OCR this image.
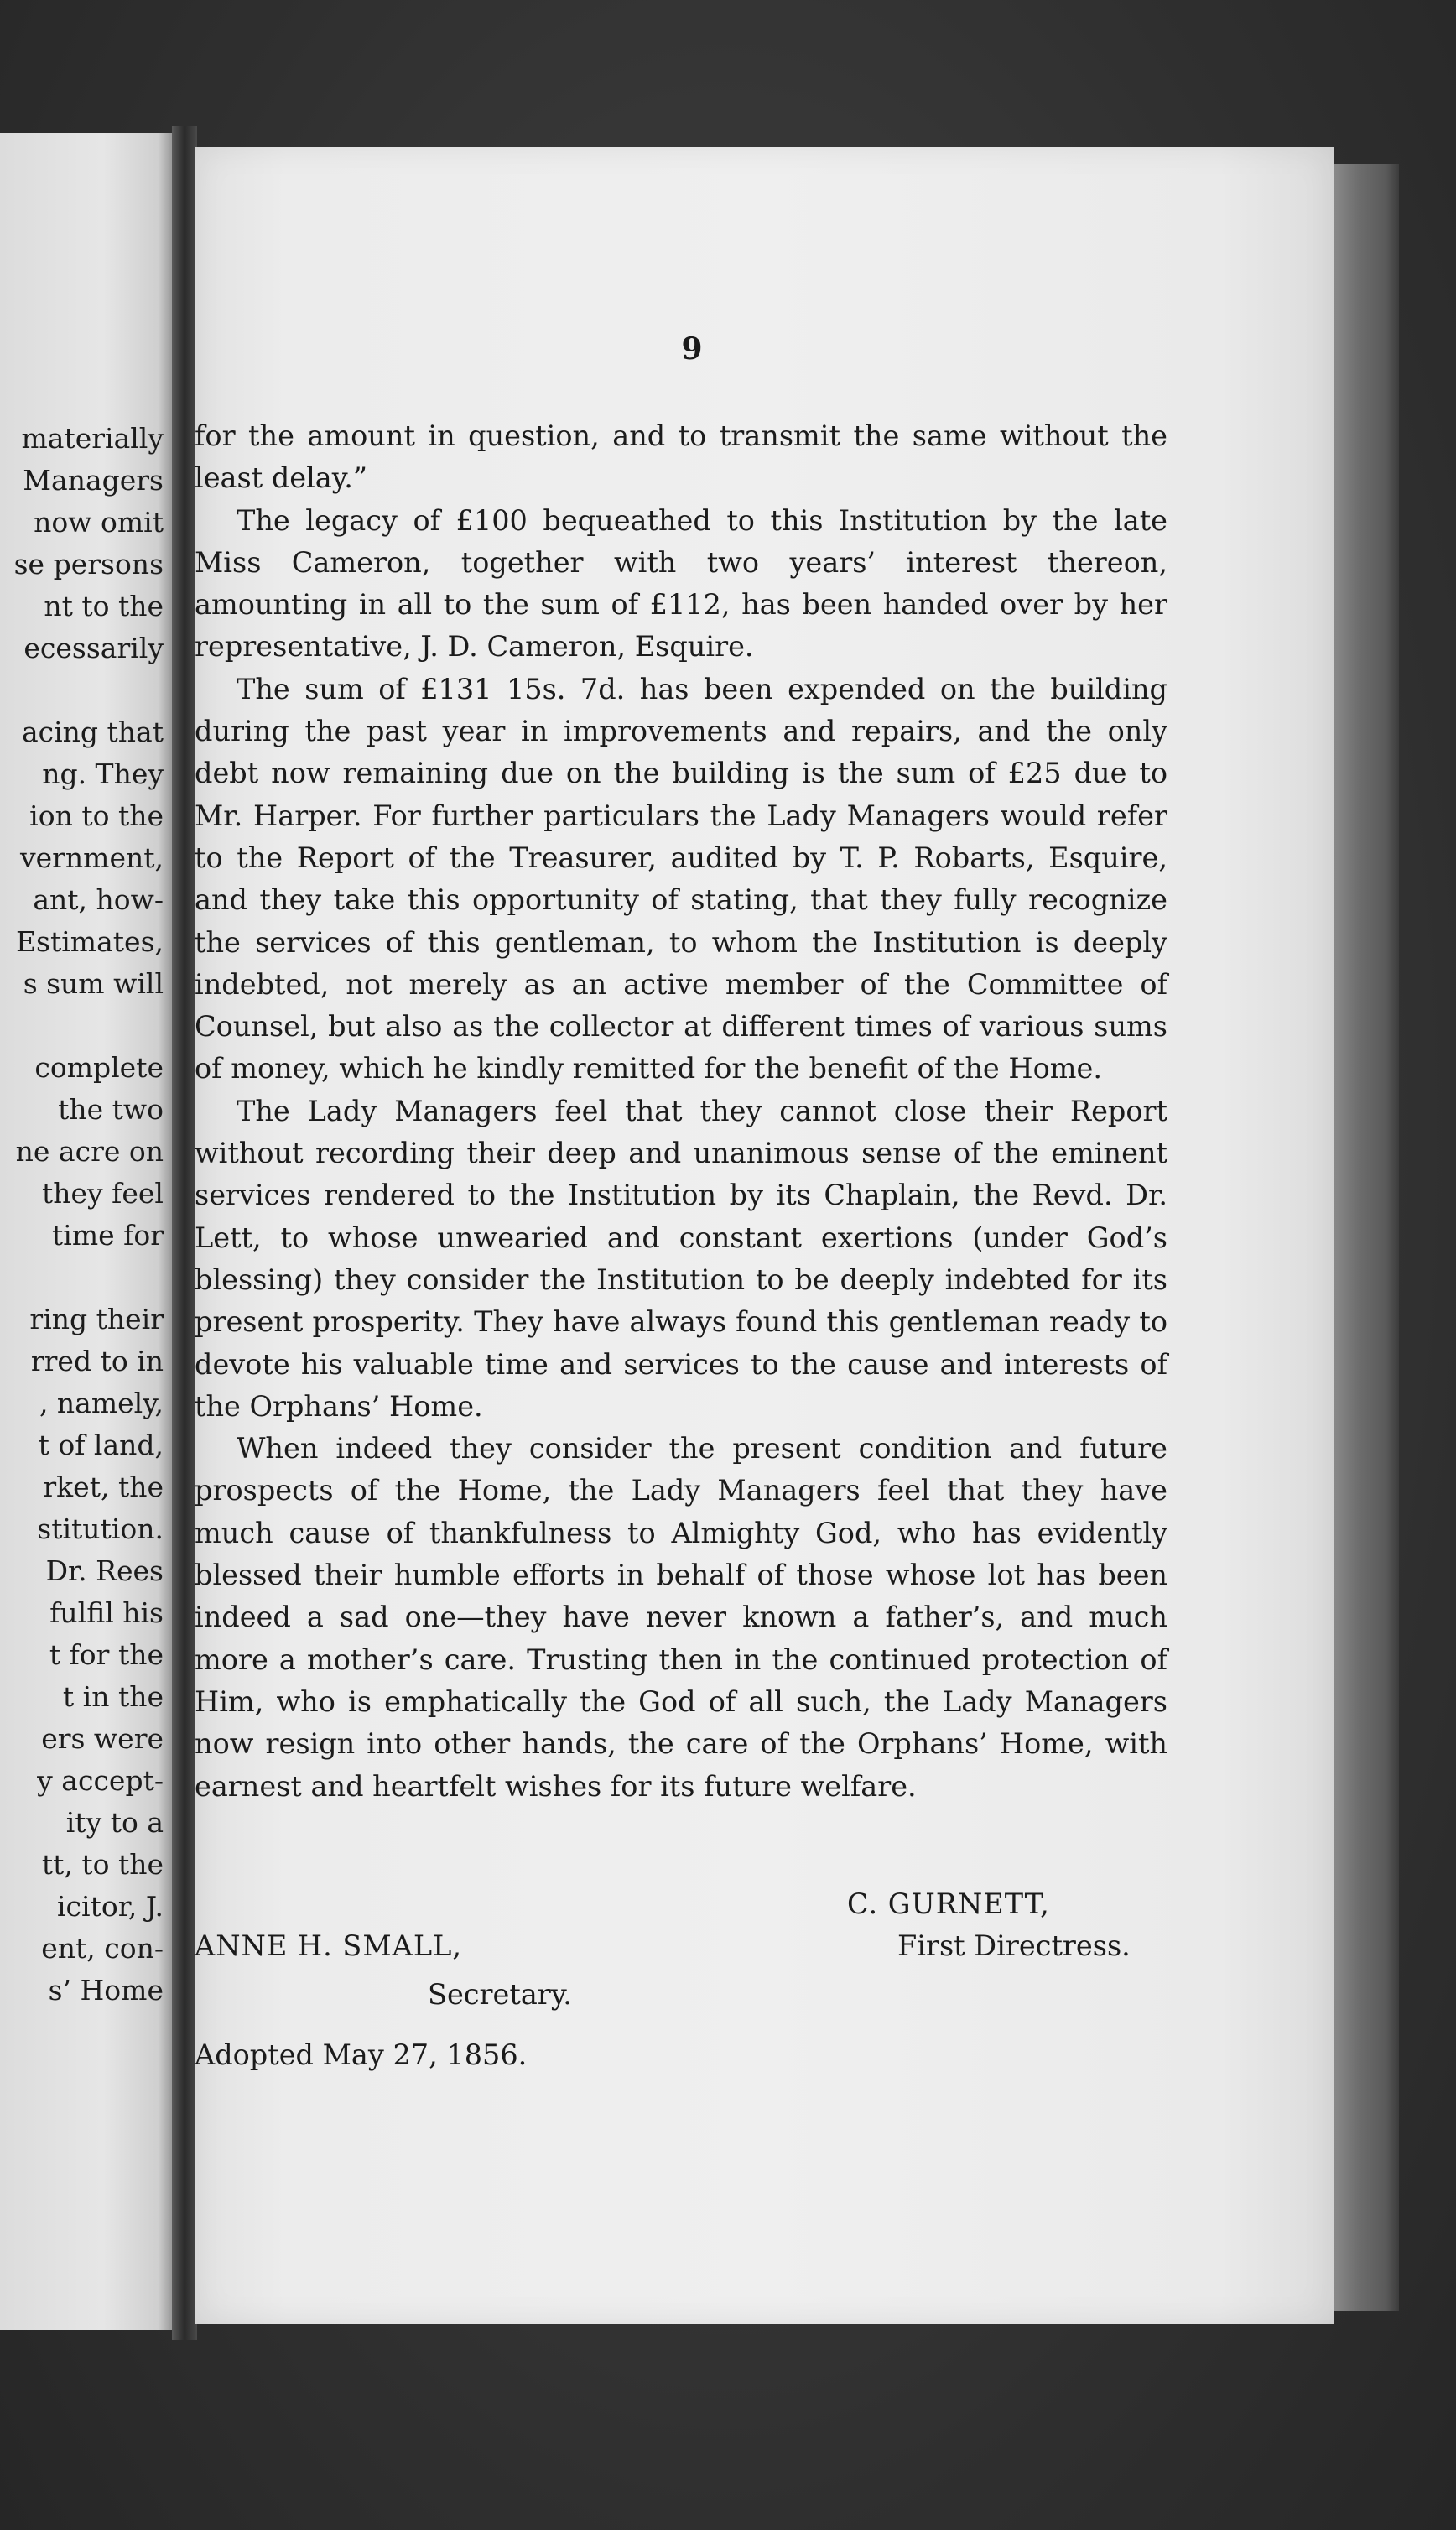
materially
Managers
now omit
se persons
nt to the
ecessarily
acing that
ng. They
ion to the
vernment,
ant, how-
Estimates,
s sum will
complete
the two
ne acre on
they feel
time for
ring their
rred to in
, namely,
t of land,
rket, the
stitution.
Dr. Rees
fulfil his
t for the
t in the
ers were
y accept-
ity to a
tt, to the
icitor, J.
ent, con-
s’ Home
9

for the amount in question, and to transmit the same without the least delay.”

The legacy of £100 bequeathed to this Institution by the late Miss Cameron, together with two years’ interest thereon, amounting in all to the sum of £112, has been handed over by her representative, J. D. Cameron, Esquire.

The sum of £131 15s. 7d. has been expended on the building during the past year in improvements and repairs, and the only debt now remaining due on the building is the sum of £25 due to Mr. Harper. For further particulars the Lady Managers would refer to the Report of the Treasurer, audited by T. P. Robarts, Esquire, and they take this opportunity of stating, that they fully recognize the services of this gentleman, to whom the Institution is deeply indebted, not merely as an active member of the Committee of Counsel, but also as the collector at different times of various sums of money, which he kindly remitted for the benefit of the Home.

The Lady Managers feel that they cannot close their Report without recording their deep and unanimous sense of the eminent services rendered to the Institution by its Chaplain, the Revd. Dr. Lett, to whose unwearied and constant exertions (under God’s blessing) they consider the Institution to be deeply indebted for its present prosperity. They have always found this gentleman ready to devote his valuable time and services to the cause and interests of the Orphans’ Home.

When indeed they consider the present condition and future prospects of the Home, the Lady Managers feel that they have much cause of thankfulness to Almighty God, who has evidently blessed their humble efforts in behalf of those whose lot has been indeed a sad one—they have never known a father’s, and much more a mother’s care. Trusting then in the continued protection of Him, who is emphatically the God of all such, the Lady Managers now resign into other hands, the care of the Orphans’ Home, with earnest and heartfelt wishes for its future welfare.

C. GURNETT,
ANNE H. SMALL,	First Directress.
Secretary.
Adopted May 27, 1856.
